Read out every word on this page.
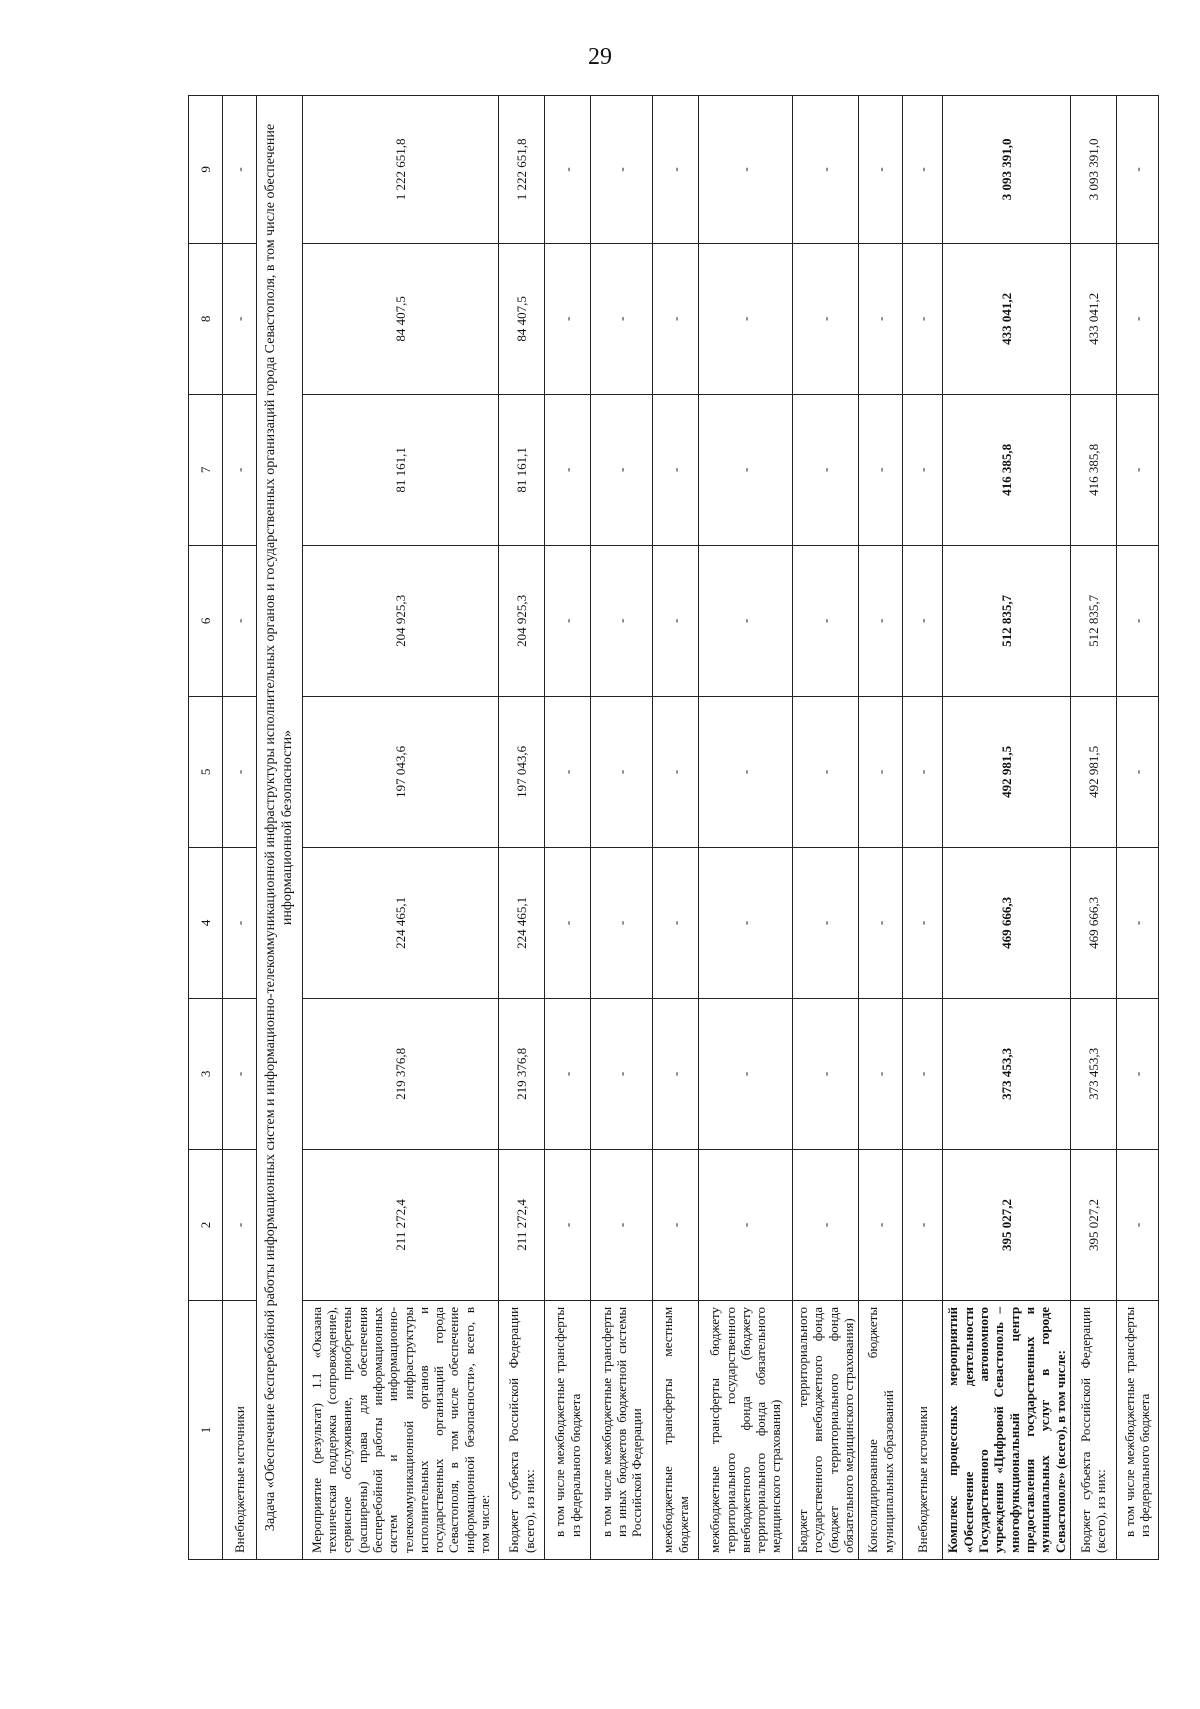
29
1	2	3	4	5	6	7	8	9
Внебюджетные источники	-	-	-	-	-	-	-	-
Задача «Обеспечение бесперебойной работы информационных систем и информационно-телекоммуникационной инфраструктуры исполнительных органов и государственных организаций города Севастополя, в том числе обеспечение информационной безопасности»								
Мероприятие (результат) 1.1 «Оказана техническая поддержка (сопровождение), сервисное обслуживание, приобретены (расширены) права для обеспечения бесперебойной работы информационных систем и информационно-телекоммуникационной инфраструктуры исполнительных органов и государственных организаций города Севастополя, в том числе обеспечение информационной безопасности», всего, в том числе:	211 272,4	219 376,8	224 465,1	197 043,6	204 925,3	81 161,1	84 407,5	1 222 651,8
Бюджет субъекта Российской Федерации (всего), из них:	211 272,4	219 376,8	224 465,1	197 043,6	204 925,3	81 161,1	84 407,5	1 222 651,8
в том числе межбюджетные трансферты из федерального бюджета	-	-	-	-	-	-	-	-
в том числе межбюджетные трансферты из иных бюджетов бюджетной системы Российской Федерации	-	-	-	-	-	-	-	-
межбюджетные трансферты местным бюджетам	-	-	-	-	-	-	-	-
межбюджетные трансферты бюджету территориального государственного внебюджетного фонда (бюджету территориального фонда обязательного медицинского страхования)	-	-	-	-	-	-	-	-
Бюджет территориального государственного внебюджетного фонда (бюджет территориального фонда обязательного медицинского страхования)	-	-	-	-	-	-	-	-
Консолидированные бюджеты муниципальных образований	-	-	-	-	-	-	-	-
Внебюджетные источники	-	-	-	-	-	-	-	-
Комплекс процессных мероприятий «Обеспечение деятельности Государственного автономного учреждения «Цифровой Севастополь – многофункциональный центр предоставления государственных и муниципальных услуг в городе Севастополе» (всего), в том числе:	395 027,2	373 453,3	469 666,3	492 981,5	512 835,7	416 385,8	433 041,2	3 093 391,0
Бюджет субъекта Российской Федерации (всего), из них:	395 027,2	373 453,3	469 666,3	492 981,5	512 835,7	416 385,8	433 041,2	3 093 391,0
в том числе межбюджетные трансферты из федерального бюджета	-	-	-	-	-	-	-	-
